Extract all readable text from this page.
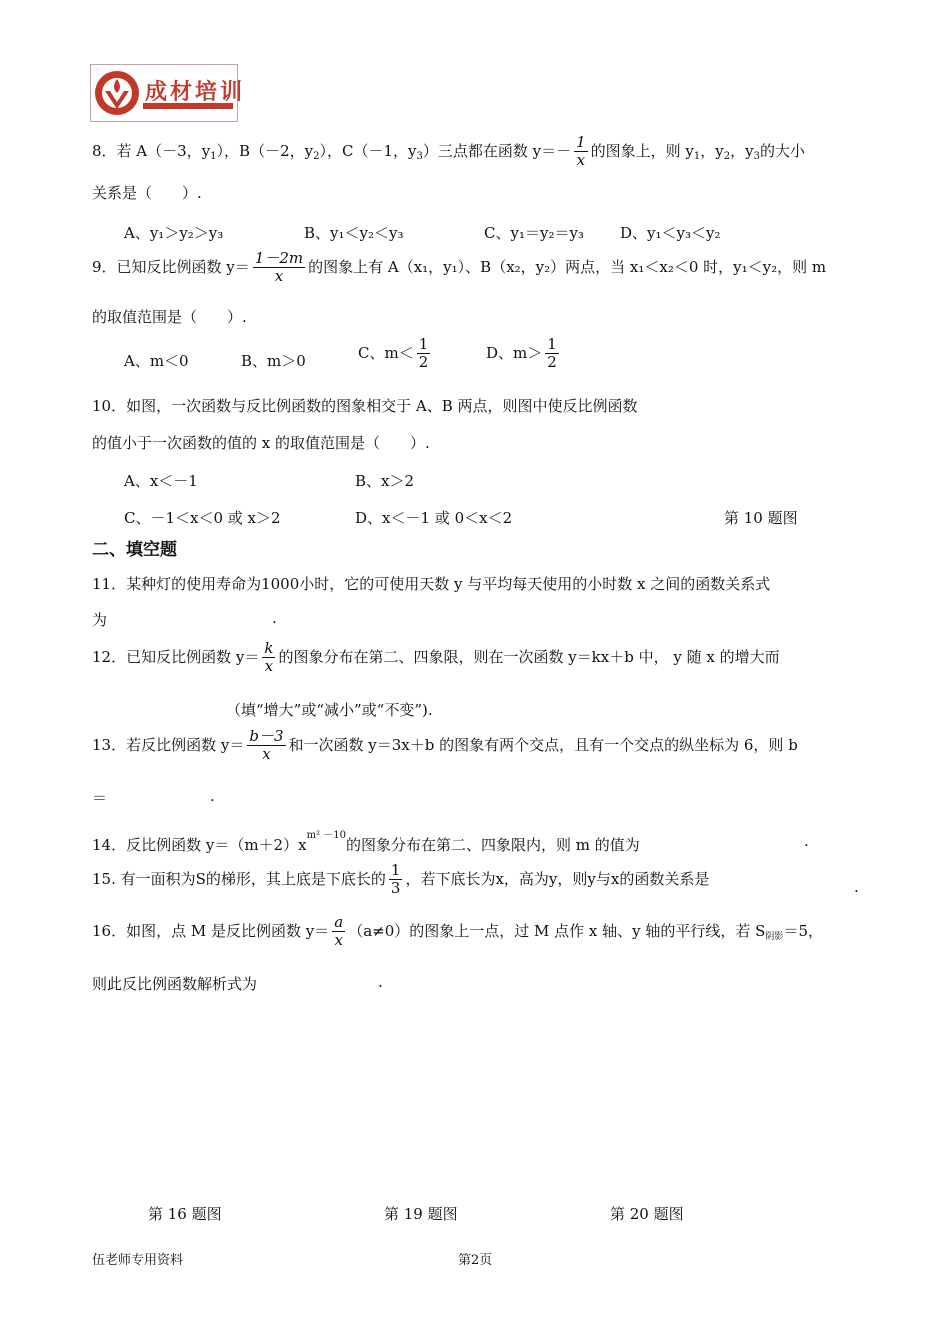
成材培训
8．若 A（－3，$y_1$），B（－2，$y_2$），C（－1，$y_3$）三点都在函数 $y=- \frac{1}{x}$ 的图象上，则 $y_1$，$y_2$，$y_3$的大小
关系是（　　）.
A、y₁＞y₂＞y₃	B、y₁＜y₂＜y₃	C、y₁＝y₂＝y₃ D、y₁＜y₃＜y₂
9．已知反比例函数 $y= \frac{1-2m}{x}$ 的图象上有 A（x₁，y₁）、B（x₂，y₂）两点，当 x₁＜x₂＜0 时，y₁＜y₂，则 m
的取值范围是（　　）.
A、m＜0	B、m＞0	C、$m< \frac{1}{2}$	D、$m> \frac{1}{2}$
10．如图，一次函数与反比例函数的图象相交于 A、B 两点，则图中使反比例函数
的值小于一次函数的值的 x 的取值范围是（　　）.
A、x＜－1	B、x＞2
C、－1＜x＜0 或 x＞2	D、x＜－1 或 0＜x＜2	第 10 题图
二、填空题
11．某种灯的使用寿命为1000小时，它的可使用天数 y 与平均每天使用的小时数 x 之间的函数关系式
为	.
12．已知反比例函数 $y= \frac{k}{x}$ 的图象分布在第二、四象限，则在一次函数 y＝kx＋b 中， y 随 x 的增大而
（填“增大”或“减小”或“不变”).
13．若反比例函数 $y= \frac{b-3}{x}$ 和一次函数 y＝3x＋b 的图象有两个交点，且有一个交点的纵坐标为 6，则 b
＝	.
14．反比例函数 $y=(m+2)x^{m^2 -10}$的图象分布在第二、四象限内，则 m 的值为	.
15. 有一面积为S的梯形，其上底是下底长的 $\frac{1}{3}$ ，若下底长为x，高为y，则y与x的函数关系是	.
16．如图，点 M 是反比例函数 $y= \frac{a}{x} (a\ne 0)$的图象上一点，过 M 点作 x 轴、y 轴的平行线，若 $S_{阴影}=5$，
则此反比例函数解析式为	.
第 16 题图	第 19 题图	第 20 题图
伍老师专用资料	第2页
